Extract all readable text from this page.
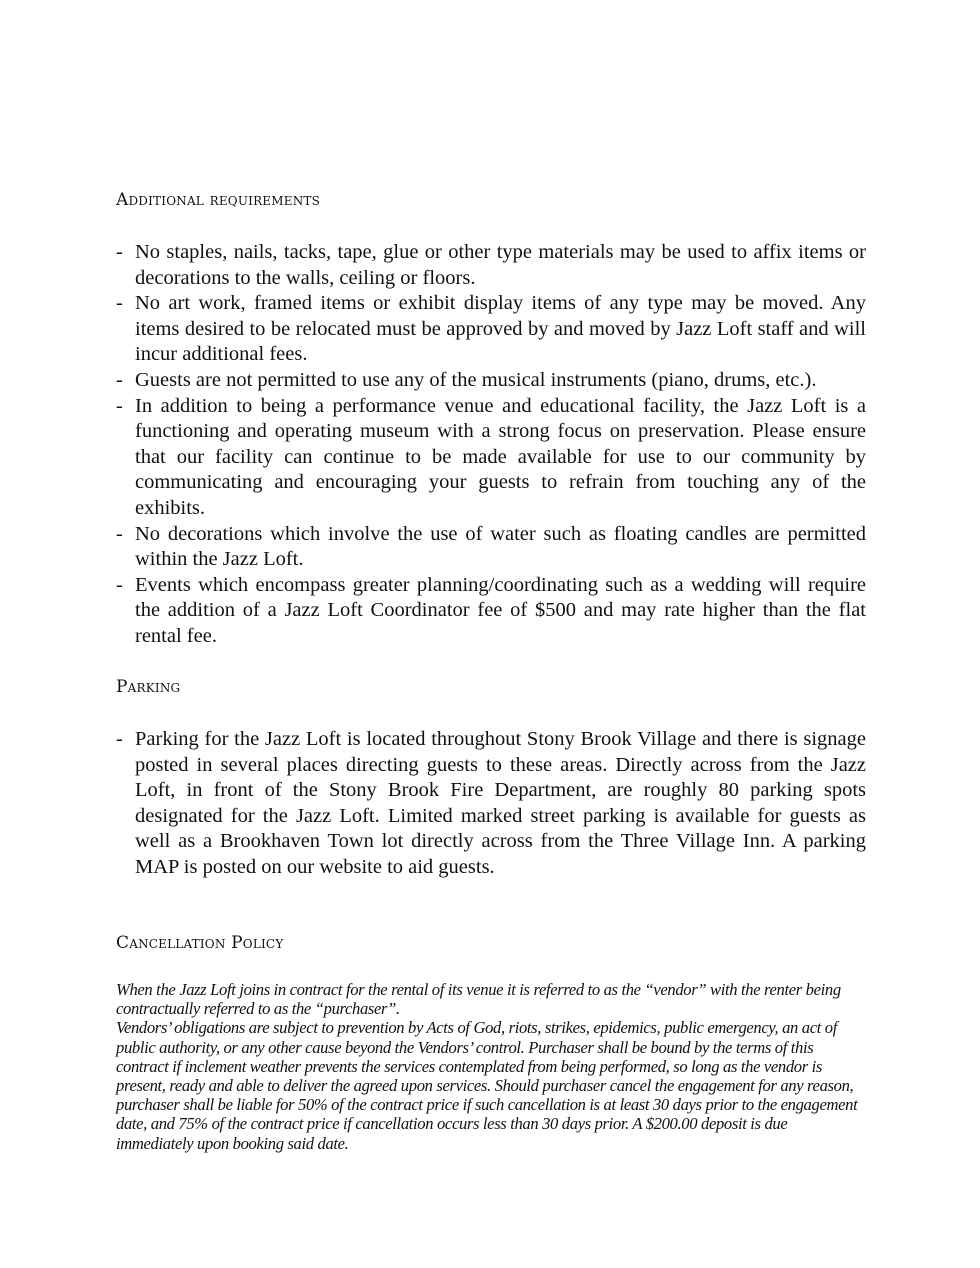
Additional requirements
- No staples, nails, tacks, tape, glue or other type materials may be used to affix items or decorations to the walls, ceiling or floors.
- No art work, framed items or exhibit display items of any type may be moved. Any items desired to be relocated must be approved by and moved by Jazz Loft staff and will incur additional fees.
- Guests are not permitted to use any of the musical instruments (piano, drums, etc.).
- In addition to being a performance venue and educational facility, the Jazz Loft is a functioning and operating museum with a strong focus on preservation. Please ensure that our facility can continue to be made available for use to our community by communicating and encouraging your guests to refrain from touching any of the exhibits.
- No decorations which involve the use of water such as floating candles are permitted within the Jazz Loft.
- Events which encompass greater planning/coordinating such as a wedding will require the addition of a Jazz Loft Coordinator fee of $500 and may rate higher than the flat rental fee.
Parking
- Parking for the Jazz Loft is located throughout Stony Brook Village and there is signage posted in several places directing guests to these areas. Directly across from the Jazz Loft, in front of the Stony Brook Fire Department, are roughly 80 parking spots designated for the Jazz Loft. Limited marked street parking is available for guests as well as a Brookhaven Town lot directly across from the Three Village Inn. A parking MAP is posted on our website to aid guests.
Cancellation Policy

When the Jazz Loft joins in contract for the rental of its venue it is referred to as the “vendor” with the renter being contractually referred to as the “purchaser”.

Vendors’ obligations are subject to prevention by Acts of God, riots, strikes, epidemics, public emergency, an act of public authority, or any other cause beyond the Vendors’ control. Purchaser shall be bound by the terms of this contract if inclement weather prevents the services contemplated from being performed, so long as the vendor is present, ready and able to deliver the agreed upon services. Should purchaser cancel the engagement for any reason, purchaser shall be liable for 50% of the contract price if such cancellation is at least 30 days prior to the engagement date, and 75% of the contract price if cancellation occurs less than 30 days prior. A $200.00 deposit is due immediately upon booking said date.
